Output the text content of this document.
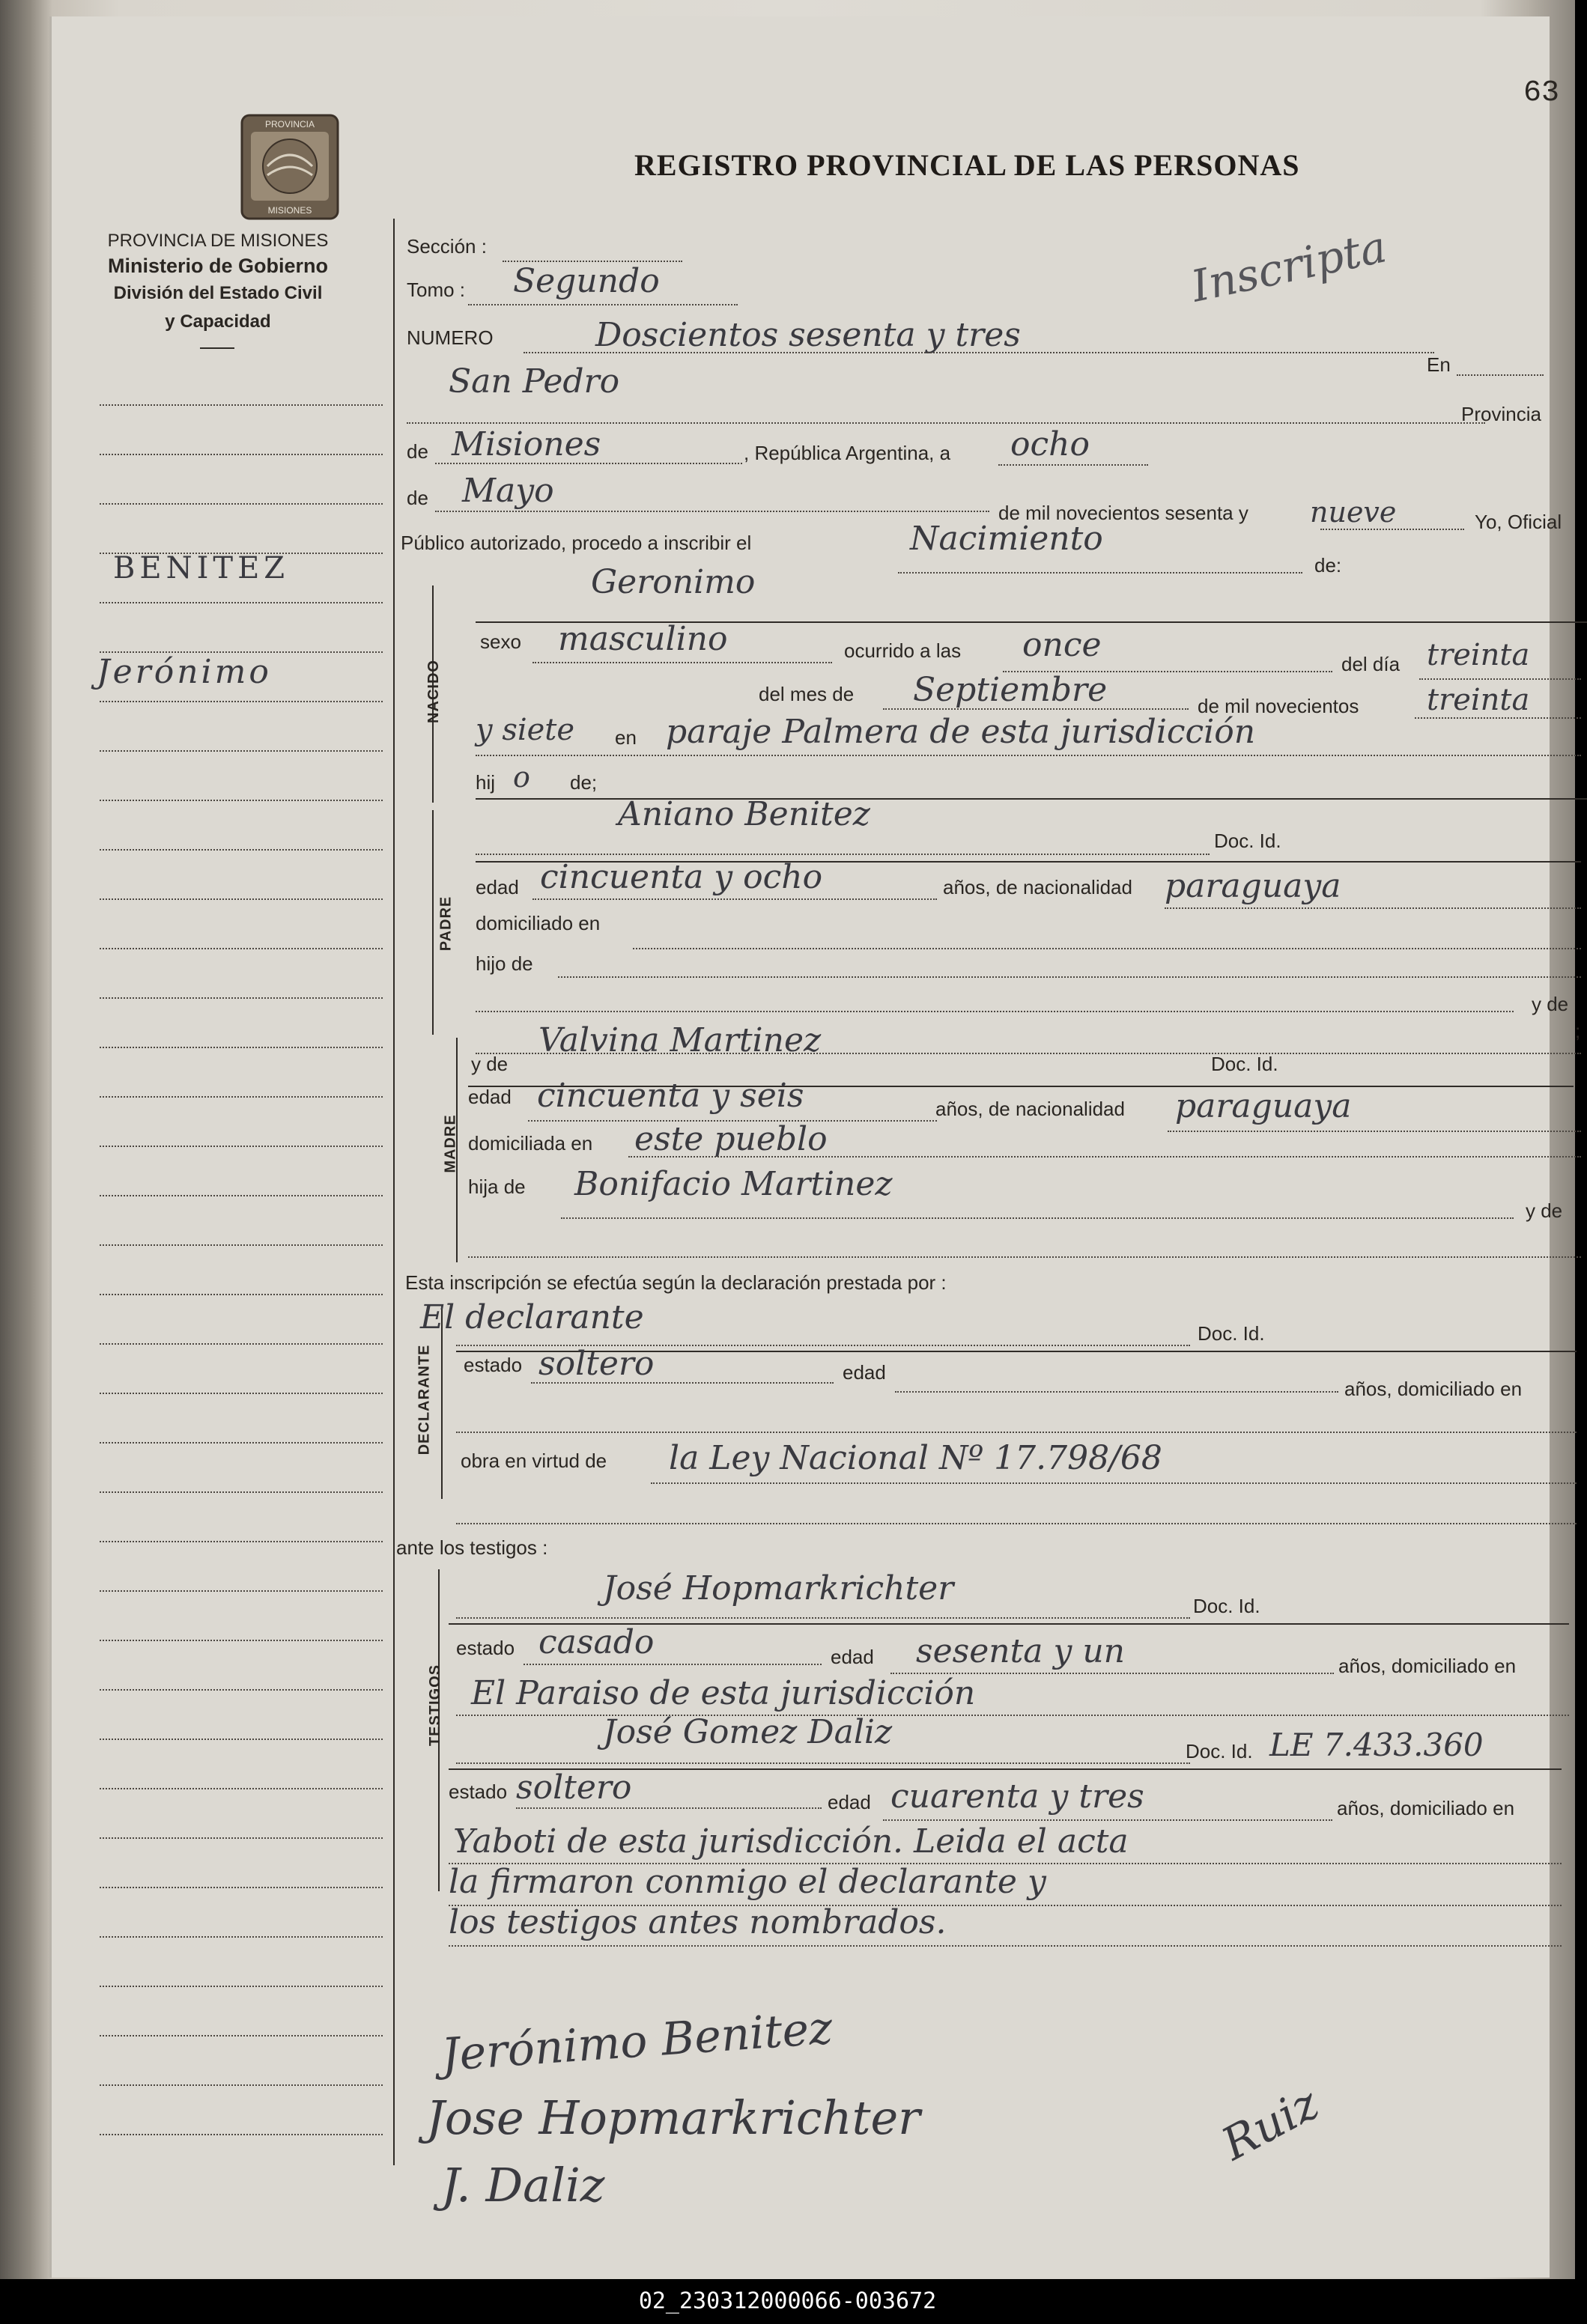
63
REGISTRO PROVINCIAL DE LAS PERSONAS
Inscripta
PROVINCIA
MISIONES
PROVINCIA DE MISIONES
Ministerio de Gobierno
División del Estado Civil
y Capacidad
BENITEZ
Jerónimo
Sección :
Tomo : Segundo
NUMERO	Doscientos sesenta y tres
En
San Pedro
Provincia
de Misiones	, República Argentina, a ocho
de Mayo
de mil novecientos sesenta y nueve	Yo, Oficial
Público autorizado, procedo a inscribir el	Nacimiento
de:
NACIDO
Geronimo
sexo masculino	ocurrido a las once	del día treinta
del mes de Septiembre	de mil novecientos treinta
y siete en paraje Palmera de esta jurisdicción
hij o de;
PADRE
Aniano Benitez
Doc. Id.
edad cincuenta y ocho	años, de nacionalidad paraguaya
domiciliado en
hijo de
y de
;
MADRE
y de
Valvina Martinez
Doc. Id.
edad cincuenta y seis	años, de nacionalidad paraguaya
domiciliada en este pueblo
hija de Bonifacio Martinez
y de
Esta inscripción se efectúa según la declaración prestada por :
DECLARANTE
El declarante	Doc. Id.
estado soltero	edad
años, domiciliado en
obra en virtud de la Ley Nacional Nº 17.798/68
ante los testigos :
TESTIGOS
José Hopmarkrichter	Doc. Id.
estado casado	edad sesenta y un	años, domiciliado en
El Paraiso de esta jurisdicción
José Gomez Daliz	Doc. Id. LE 7.433.360
estado soltero	edad cuarenta y tres	años, domiciliado en
Yaboti de esta jurisdicción. Leida el acta
la firmaron conmigo el declarante y
los testigos antes nombrados.
Jerónimo Benitez
Jose Hopmarkrichter
J. Daliz
Ruiz
02_230312000066-003672
